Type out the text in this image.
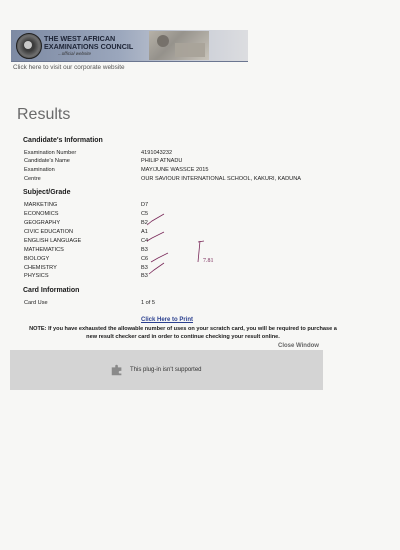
THE WEST AFRICAN
EXAMINATIONS COUNCIL
...official website
Click here to visit our corporate website
Results
Candidate's Information
Examination Number	4191043232
Candidate's Name	PHILIP ATNADU
Examination	MAY/JUNE WASSCE 2015
Centre	OUR SAVIOUR INTERNATIONAL SCHOOL, KAKURI, KADUNA
Subject/Grade
MARKETING	D7
ECONOMICS	C5
GEOGRAPHY	B2
CIVIC EDUCATION	A1
ENGLISH LANGUAGE	C4
MATHEMATICS	B3
BIOLOGY	C6
CHEMISTRY	B3
PHYSICS	B3
7.81
Card Information
Card Use	1 of 5
Click Here to Print
NOTE: If you have exhausted the allowable number of uses on your scratch card, you will be required to purchase a new result checker card in order to continue checking your result online.
Close Window
This plug-in isn't supported
